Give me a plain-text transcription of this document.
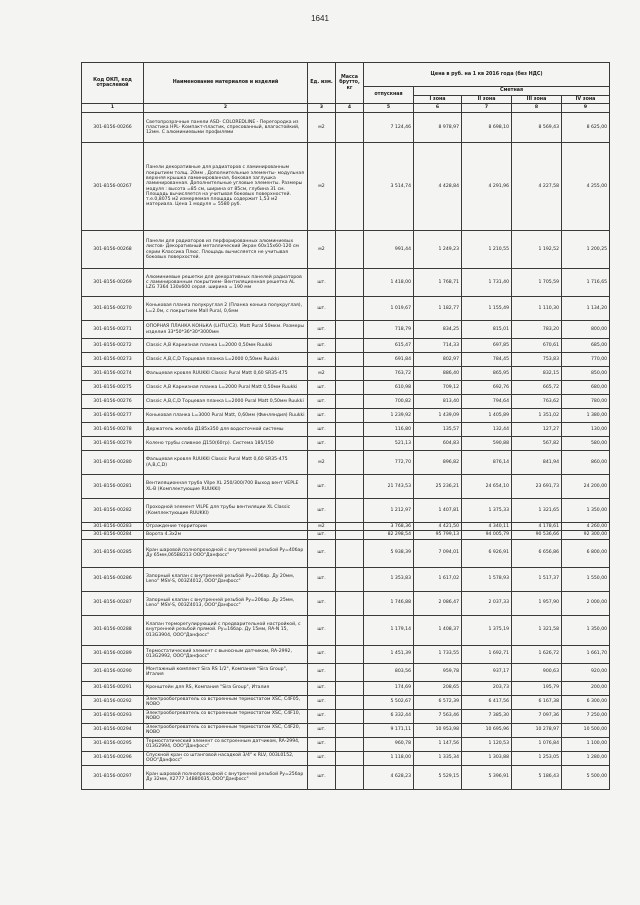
1641
Код ОКП, код отраслевой	Наименование материалов и изделий	Ед. изм.	Масса брутто, кг	Цена в руб. на 1 кв 2016 года (без НДС)				
				отпускная	Сметная			
					I зона	II зона	III зона	IV зона
1	2	3	4	5	6	7	8	9
301-8156-00266	Светопрозрачные панели ASD- COLOREDLINE - Перегородка из пластика HPL- Компакт-пластик, спресованный, влагостойкий, 12мм. С алюминиевыми профилями	м2		7 124,46	8 978,97	8 698,10	8 569,43	8 625,00
301-8156-00267	Панели декоративные для радиаторов с ламинированным покрытием толщ. 20мм , Дополнительные элементы- модульная верхняя крышка ламинированная, боковая заглушка ламинированная. Дополнительные угловые элементы. Размеры модуля : высота =85 см, ширина от 85см, глубина 31 см. Площадь вычисляется на учитывая боковых поверхностей. т.е.0,8075 м2 измеряемая площадь содержит 1,53 м2 материала. Цена 1 модуля = 5580 руб.	м2		3 514,74	4 428,84	4 291,96	4 227,58	4 255,00
301-8156-00268	Панели для радиаторов из перфорированных алюминиевых листов- Декоративный металлический Экран 60х15х60-120 см серии Классика Плюс. Площадь вычисляется не учитывая боковых поверхостей.	м2		991,44	1 249,23	1 210,55	1 192,52	1 200,25
301-8156-00269	Алюминиевые решетки для декоративных панелей радиаторов с ламинированным покрытием- Вентиляционная решетка AL LZG 7364 130х600 серая. ширина = 190 мм	шт.		1 418,00	1 768,71	1 731,40	1 705,59	1 716,65
301-8156-00270	Коньковая планка полукруглая 2 (Планка конька полукруглая), L=2.0м, с покрытием Mall Pural, 0,6мм	шт.		1 019,67	1 182,77	1 155,49	1 110,30	1 134,20
301-8156-00271	ОПОРНАЯ ПЛАНКА КОНЬКА (LHTU/C3). Matt Pural 50мкм. Размеры изделия 33*50*36*30*3000мм	шт.		718,79	834,25	815,01	783,20	800,00
301-8156-00272	Classic A,B Карнизная планка L=2000 0,50мм Ruukki	шт.		615,47	714,33	697,85	670,61	685,00
301-8156-00273	Classic A,B,C,D Торцевая планка L=2000 0,50мм Ruukki	шт.		691,84	802,97	784,45	753,83	770,00
301-8156-00274	Фальцевая кровля RUUKKI Classic Pural Matt 0,60 SR35-475	м2		763,72	886,40	865,95	832,15	850,00
301-8156-00275	Classic A,B Карнизная планка L=2000 Pural Matt 0,50мм Ruukki	шт.		610,98	709,12	692,76	665,72	680,00
301-8156-00276	Classic A,B,C,D Торцевая планка L=2000 Pural Matt 0,50мм Ruukki	шт.		700,82	813,40	794,64	763,62	780,00
301-8156-00277	Коньковая планка L=3000 Pural Matt, 0,60мм (Финляндия) Ruukki	шт.		1 239,92	1 439,09	1 405,89	1 351,02	1 380,00
301-8156-00278	Держатель желоба Д185х350 для водосточной системы	шт.		116,80	135,57	132,44	127,27	130,00
301-8156-00279	Колено трубы сливное Д150(60гр). Система 185/150	шт.		521,13	604,83	590,88	567,82	580,00
301-8156-00280	Фальцевая кровля RUUKKI Classic Pural Matt 0,60 SR35-475 (A,B,C,D)	м2		772,70	896,82	876,14	841,94	860,00
301-8156-00281	Вентиляционная труба Vilpe XL 250/300/700 Выход вент VEPLE XL-B (Комплектующие RUUKKI)	шт.		21 743,53	25 236,21	24 654,10	23 691,73	24 200,00
301-8156-00282	Проходной элемент VILPE для трубы вентиляции XL Classic (Комплектующие RUUKKI)	шт.		1 212,97	1 407,81	1 375,33	1 321,65	1 350,00
301-8156-00283	Ограждение территории	м2		3 768,36	4 421,50	4 340,11	4 178,61	4 260,00
301-8156-00284	Ворота 4.3х2м	шт.		82 298,54	95 799,13	94 005,79	90 536,66	92 300,00
301-8156-00285	Кран шаровой полнопроходной с внутренней резьбой Ру=40бар Ду 65мм,065B8213 ООО"Данфосс"	шт.		5 938,39	7 094,01	6 926,91	6 656,86	6 800,00
301-8156-00286	Запорный клапан с внутренней резьбой Ру=20бар. Ду 20мм, Leno" MSV-S, 003Z4012, ООО"Данфосс"	шт.		1 353,83	1 617,02	1 578,93	1 517,37	1 550,00
301-8156-00287	Запорный клапан с внутренней резьбой Ру=20бар. Ду 25мм, Leno" MSV-S, 003Z4013, ООО"Данфосс"	шт.		1 746,88	2 086,47	2 037,33	1 957,90	2 000,00
301-8156-00288	Клапан терморегулирующий с предварительной настройкой, с внутренней резьбой прямой. Ру=16бар. Ду 15мм, RA-N 15, 013G3904, ООО"Данфосс"	шт.		1 179,14	1 408,37	1 375,19	1 321,58	1 350,00
301-8156-00289	Термостатический элемент с выносным датчиком, RA-2992, 013G2992, ООО"Данфосс"	шт.		1 451,39	1 733,55	1 692,71	1 626,72	1 661,70
301-8156-00290	Монтажный комплект Sira RS 1/2", Компания "Sira Group", Италия	шт.		803,56	959,78	937,17	900,63	920,00
301-8156-00291	Кронштейн для RS, Компания "Sira Group", Италия	шт.		174,69	208,65	203,73	195,79	200,00
301-8156-00292	Электрообогреватель со встроенным термостатом XSC, C4F05, NOBO	шт.		5 502,67	6 572,39	6 417,56	6 167,38	6 300,00
301-8156-00293	Электрообогреватель со встроенным термостатом XSC, C4F10, NOBO	шт.		6 332,44	7 563,46	7 385,30	7 097,36	7 250,00
301-8156-00294	Электрообогреватель со встроенным термостатом XSC, C4F20, NOBO	шт.		9 171,11	10 953,98	10 695,96	10 278,97	10 500,00
301-8156-00295	Термостатический элемент со встроенным датчиком, RA-2994, 013G2994, ООО"Данфосс"	шт.		960,78	1 147,56	1 120,53	1 076,84	1 100,00
301-8156-00296	Спускной кран со штанговой насадкой 3/4" к RLV, 003L0152, ООО"Данфосс"	шт.		1 118,00	1 335,34	1 303,88	1 253,05	1 280,00
301-8156-00297	Кран шаровой полнопроходной с внутренней резьбой Ру=25бар Ду 32мм, X2777 14B80035, ООО"Данфосс"	шт.		4 628,23	5 529,15	5 396,91	5 186,43	5 500,00
